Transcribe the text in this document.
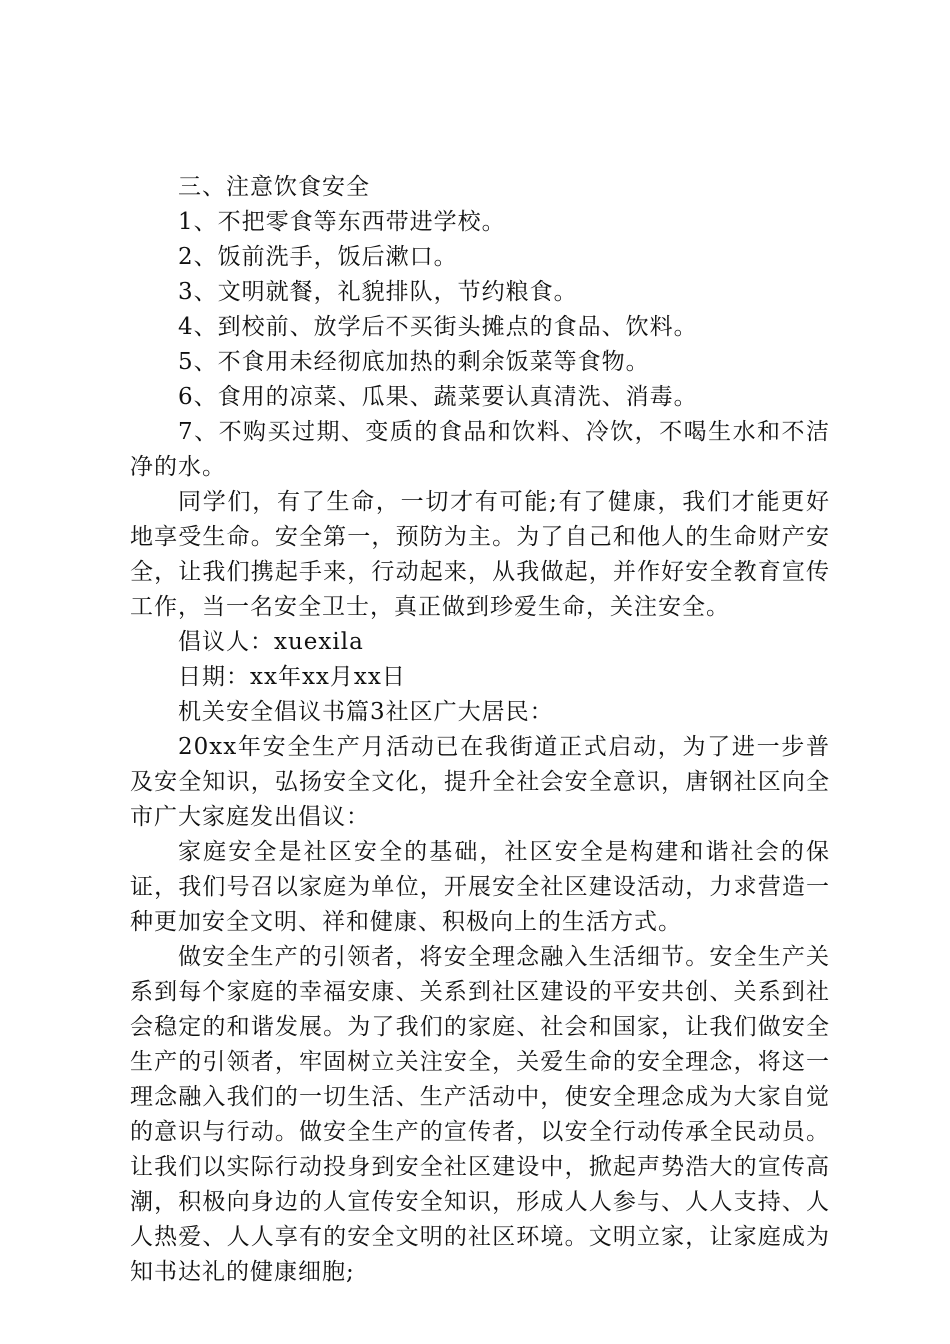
三、注意饮食安全

1、不把零食等东西带进学校。

2、饭前洗手，饭后漱口。

3、文明就餐，礼貌排队，节约粮食。

4、到校前、放学后不买街头摊点的食品、饮料。

5、不食用未经彻底加热的剩余饭菜等食物。

6、食用的凉菜、瓜果、蔬菜要认真清洗、消毒。

7、不购买过期、变质的食品和饮料、冷饮，不喝生水和不洁净的水。

同学们，有了生命，一切才有可能;有了健康，我们才能更好地享受生命。安全第一，预防为主。为了自己和他人的生命财产安全，让我们携起手来，行动起来，从我做起，并作好安全教育宣传工作，当一名安全卫士，真正做到珍爱生命，关注安全。

倡议人：xuexila

日期：xx年xx月xx日

机关安全倡议书篇3社区广大居民：

20xx年安全生产月活动已在我街道正式启动，为了进一步普及安全知识，弘扬安全文化，提升全社会安全意识，唐钢社区向全市广大家庭发出倡议：

家庭安全是社区安全的基础，社区安全是构建和谐社会的保证，我们号召以家庭为单位，开展安全社区建设活动，力求营造一种更加安全文明、祥和健康、积极向上的生活方式。

做安全生产的引领者，将安全理念融入生活细节。安全生产关系到每个家庭的幸福安康、关系到社区建设的平安共创、关系到社会稳定的和谐发展。为了我们的家庭、社会和国家，让我们做安全生产的引领者，牢固树立关注安全，关爱生命的安全理念，将这一理念融入我们的一切生活、生产活动中，使安全理念成为大家自觉的意识与行动。做安全生产的宣传者，以安全行动传承全民动员。让我们以实际行动投身到安全社区建设中，掀起声势浩大的宣传高潮，积极向身边的人宣传安全知识，形成人人参与、人人支持、人人热爱、人人享有的安全文明的社区环境。文明立家，让家庭成为知书达礼的健康细胞;
